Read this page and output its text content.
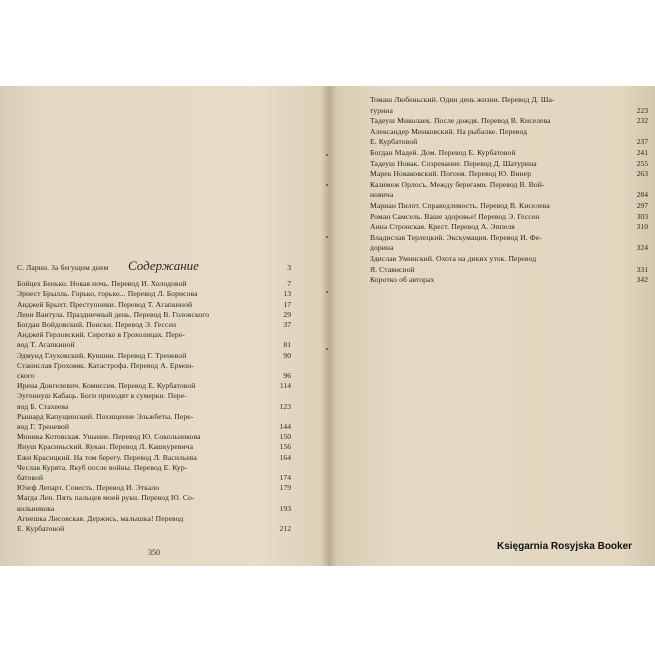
Содержание
С. Ларин. За бегущим днем	3
Бойцех Бенько. Новая ночь. Перевод И. Холодовой	7
Эрнест Брылль. Горько, горько... Перевод Л. Борисова	13
Анджей Брыхт. Преступники. Перевод Т. Агапкиной	17
Леон Вантула. Праздничный день. Перевод В. Головского	29
Богдан Войдовский. Поиски. Перевод Э. Гессен	37
Анджей Герловский. Сиротко в Грохолицах. Пере-
вод Т. Агапкиной	81
Эдмунд Глуховский. Кувшин. Перевод Г. Тpеневой	90
Станислав Гроховяк. Катастрофа. Перевод А. Ермон-
ского	96
Ирена Довгелевич. Комиссия. Перевод Е. Курбатовой	114
Эугениуш Кабаць. Боги приходят в сумерки. Пере-
вод Б. Стахеева	123
Рышард Капущинский. Похищение Эльжбеты. Пере-
вод Г. Треневой	144
Моника Котовская. Уныние. Перевод Ю. Сокольникова	150
Януш Красиньский. Кукан. Перевод Л. Кашкуревича	156
Ежи Красицкий. На том берегу. Перевод Л. Васильева	164
Чеслав Курята. Якуб после войны. Перевод Е. Кур-
батовой	174
Юзеф Лепарт. Совесть. Перевод И. Эткало	179
Магда Лен. Пять пальцев моей руки. Перевод Ю. Со-
кольникова	193
Агнешка Лисовская. Держись, малышка! Перевод
Е. Курбатовой	212
Томаш Любеньский. Один день жизни. Перевод Д. Ша-
турина	223
Тадеуш Миколаек. После дождя. Перевод В. Киселева	232
Александер Минковский. На рыбалке. Перевод
Е. Курбатовой	237
Богдан Мадей. Дом. Перевод Е. Курбатовой	241
Тадеуш Новак. Созревание. Перевод Д. Шатурина	255
Марек Новаковский. Погоня. Перевод Ю. Винер	263
Казимеж Орлось. Между берегами. Перевод В. Вой-
новича	284
Мариан Пилот. Справедливость. Перевод В. Киселева	297
Роман Самсель. Ваше здоровье! Перевод Э. Гессен	303
Анна Стронская. Крест. Перевод А. Эппеля	310
Владислав Терлецкий. Экскумация. Перевод И. Фе-
дорина	324
Здислав Уминский. Охота на диких уток. Перевод
Я. Стависной	331
Коротко об авторах	342
350
Księgarnia Rosyjska Booker
